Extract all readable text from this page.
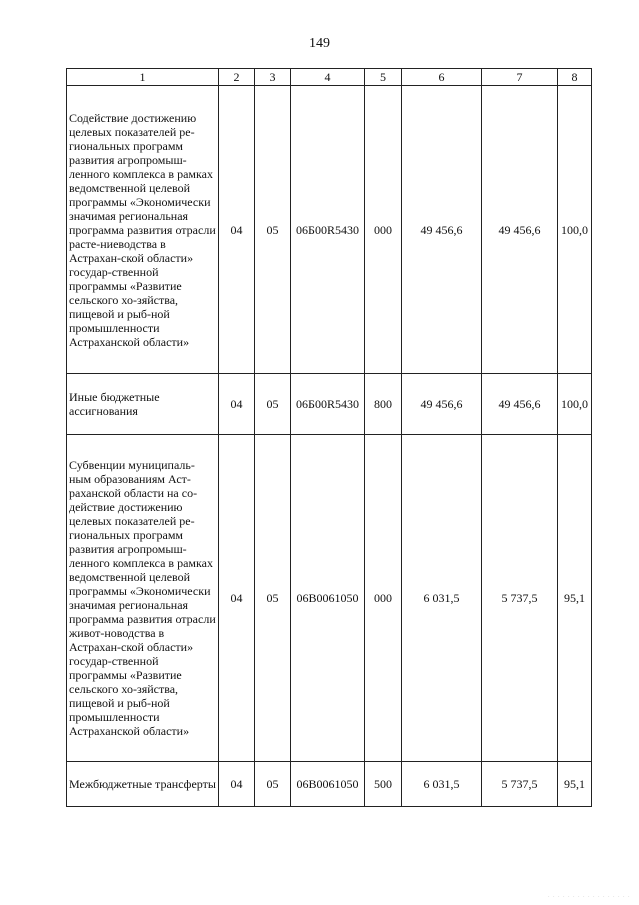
149
1	2	3	4	5	6	7	8
Содействие достижению целевых показателей ре-гиональных программ развития агропромыш-ленного комплекса в рамках ведомственной целевой программы «Экономически значимая региональная программа развития отрасли расте-ниеводства в Астрахан-ской области» государ-ственной программы «Развитие сельского хо-зяйства, пищевой и рыб-ной промышленности Астраханской области»	04	05	06Б00R5430	000	49 456,6	49 456,6	100,0
Иные бюджетные ассигнования	04	05	06Б00R5430	800	49 456,6	49 456,6	100,0
Субвенции муниципаль-ным образованиям Аст-раханской области на со-действие достижению целевых показателей ре-гиональных программ развития агропромыш-ленного комплекса в рамках ведомственной целевой программы «Экономически значимая региональная программа развития отрасли живот-новодства в Астрахан-ской области» государ-ственной программы «Развитие сельского хо-зяйства, пищевой и рыб-ной промышленности Астраханской области»	04	05	06В0061050	000	6 031,5	5 737,5	95,1
Межбюджетные трансферты	04	05	06В0061050	500	6 031,5	5 737,5	95,1
. . . . . . . . . . . . . . . . .
